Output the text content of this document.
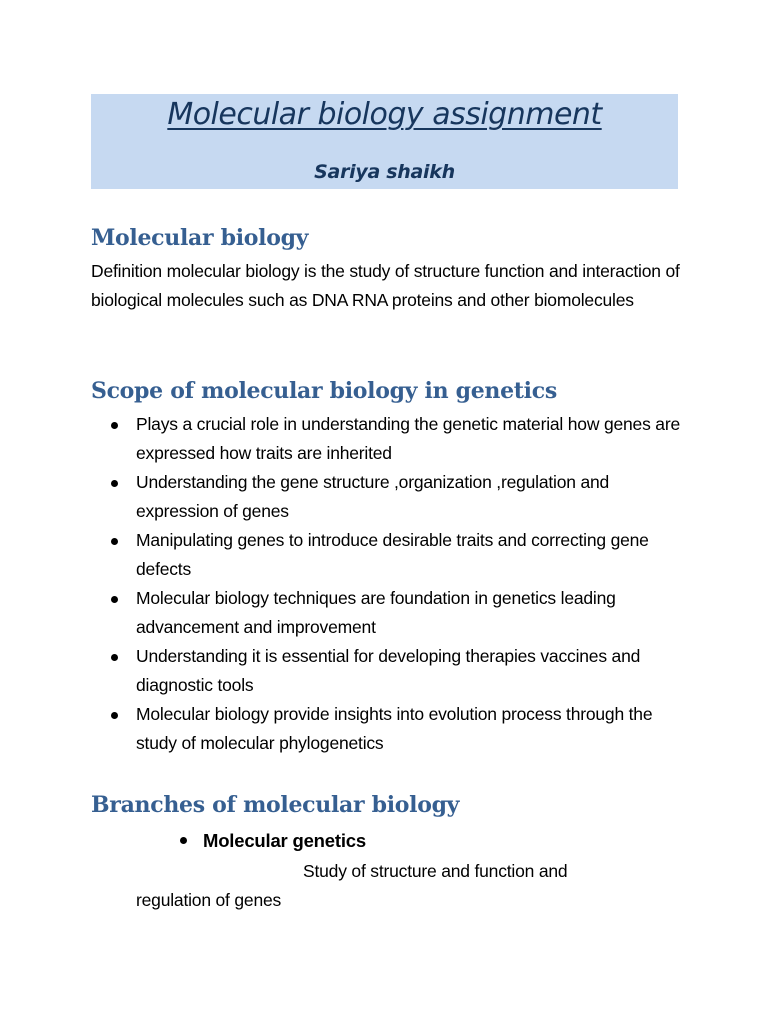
Molecular biology assignment
Sariya shaikh
Molecular biology
Definition molecular biology is the study of structure function and interaction of biological molecules such as DNA RNA proteins and other biomolecules
Scope of molecular biology in genetics
Plays a crucial role in understanding the genetic material how genes are expressed how traits are inherited
Understanding the gene structure ,organization ,regulation and expression of genes
Manipulating genes to introduce desirable traits and correcting gene defects
Molecular biology techniques are foundation in genetics leading advancement and improvement
Understanding it is essential for developing therapies vaccines and diagnostic tools
Molecular biology provide insights into evolution process through the study of molecular phylogenetics
Branches of molecular biology
Molecular genetics
Study of structure and function and regulation of genes
